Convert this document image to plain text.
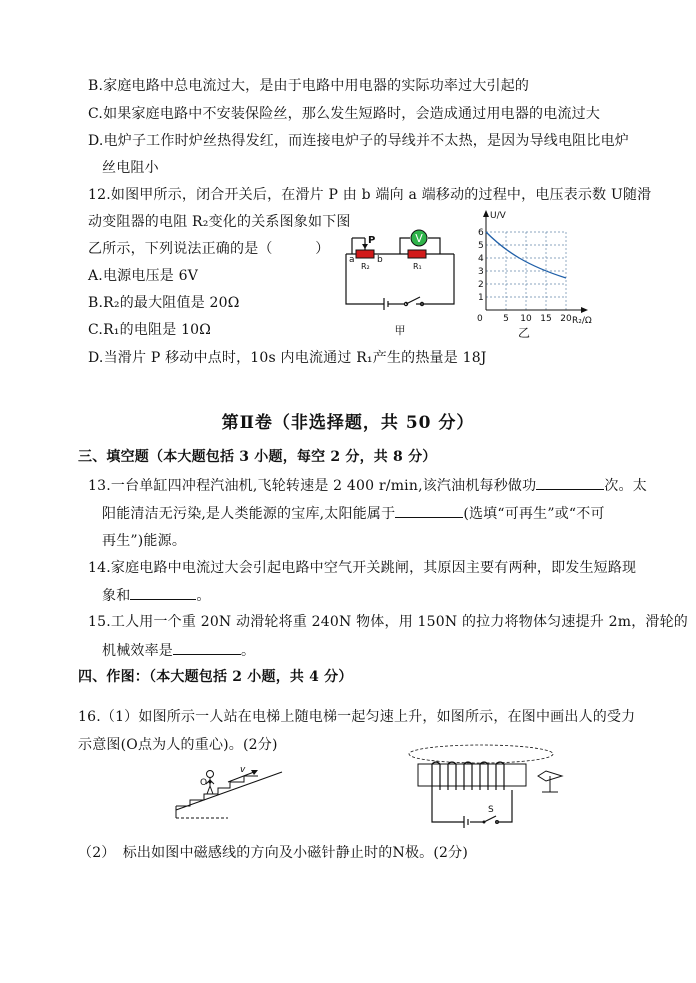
B.家庭电路中总电流过大，是由于电路中用电器的实际功率过大引起的
C.如果家庭电路中不安装保险丝，那么发生短路时，会造成通过用电器的电流过大
D.电炉子工作时炉丝热得发红，而连接电炉子的导线并不太热，是因为导线电阻比电炉
丝电阻小
12.如图甲所示，闭合开关后，在滑片 P 由 b 端向 a 端移动的过程中，电压表示数 U随滑
动变阻器的电阻 R₂变化的关系图象如下图
乙所示，下列说法正确的是（　　　）
A.电源电压是 6V
B.R₂的最大阻值是 20Ω
C.R₁的电阻是 10Ω
D.当滑片 P 移动中点时，10s 内电流通过 R₁产生的热量是 18J
V
P
a b
R₂	R₁
甲
U/V
R₂/Ω
0
1
2
3
4
5
6
5 10 15 20
乙
第Ⅱ卷（非选择题，共 50 分）
三、填空题（本大题包括 3 小题，每空 2 分，共 8 分）
13.一台单缸四冲程汽油机,飞轮转速是 2 400 r/min,该汽油机每秒做功	次。太
阳能清洁无污染,是人类能源的宝库,太阳能属于	(选填“可再生”或“不可
再生”)能源。
14.家庭电路中电流过大会引起电路中空气开关跳闸，其原因主要有两种，即发生短路现
象和	。
15.工人用一个重 20N 动滑轮将重 240N 物体，用 150N 的拉力将物体匀速提升 2m，滑轮的
机械效率是	。
四、作图：（本大题包括 2 小题，共 4 分）
16.（1）如图所示一人站在电梯上随电梯一起匀速上升，如图所示，在图中画出人的受力
示意图(O点为人的重心)。(2分)
O
v
S
（2）　标出如图中磁感线的方向及小磁针静止时的N极。(2分)
